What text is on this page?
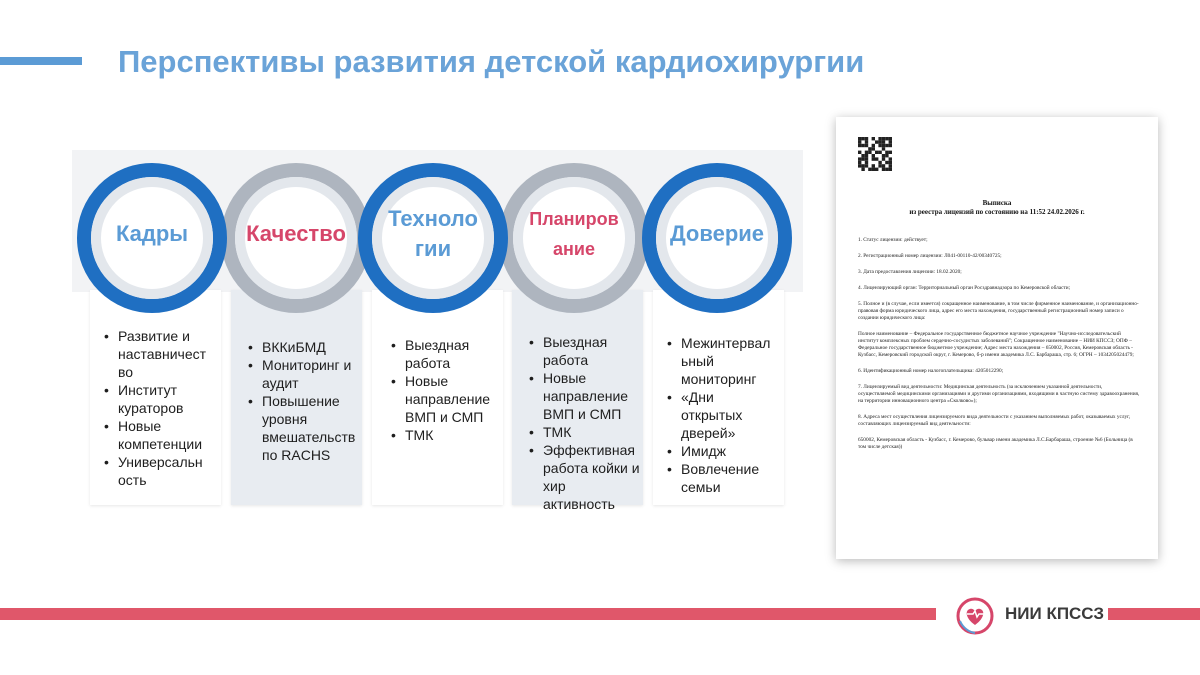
Перспективы развития детской кардиохирургии
• Развитие и
наставничест
во
• Институт
кураторов
• Новые
компетенции
• Универсальн
ость
• ВККиБМД
• Мониторинг и
аудит
• Повышение
уровня
вмешательств
по RACHS
• Выездная
работа
• Новые
направление
ВМП и СМП
• ТМК
• Выездная
работа
• Новые
направление
ВМП и СМП
• ТМК
• Эффективная
работа койки и
хир активность
• Межинтервал
ьный
мониторинг
• «Дни
открытых
дверей»
• Имидж
• Вовлечение
семьи
Кадры	Качество
Техноло
гии
Планиров
ание
Доверие
Выписка
из реестра лицензий по состоянию на 11:52 24.02.2026 г.

1. Статус лицензии: действует;

2. Регистрационный номер лицензии: Л041-00110-42/00340725;

3. Дата предоставления лицензии: 18.02.2020;

4. Лицензирующий орган: Территориальный орган Росздравнадзора по Кемеровской области;

5. Полное и (в случае, если имеется) сокращенное наименование, в том числе фирменное наименование, и организационно-правовая форма юридического лица, адрес его места нахождения, государственный регистрационный номер записи о создании юридического лица:

Полное наименование – Федеральное государственное бюджетное научное учреждение "Научно-исследовательский институт комплексных проблем сердечно-сосудистых заболеваний"; Сокращенное наименование – НИИ КПССЗ; ОПФ – Федеральное государственное бюджетное учреждение; Адрес места нахождения – 650002, Россия, Кемеровская область - Кузбасс, Кемеровский городской округ, г. Кемерово, б-р имени академика Л.С. Барбараша, стр. 6; ОГРН – 1034205024479;

6. Идентификационный номер налогоплательщика: 4205012290;

7. Лицензируемый вид деятельности: Медицинская деятельность (за исключением указанной деятельности, осуществляемой медицинскими организациями и другими организациями, входящими в частную систему здравоохранения, на территории инновационного центра «Сколково»);

8. Адреса мест осуществления лицензируемого вида деятельности с указанием выполняемых работ, оказываемых услуг, составляющих лицензируемый вид деятельности:

650002, Кемеровская область - Кузбасс, г. Кемерово, бульвар имени академика Л.С.Барбараша, строение №6 (Больница (в том числе детская))

НИИ КПССЗ
